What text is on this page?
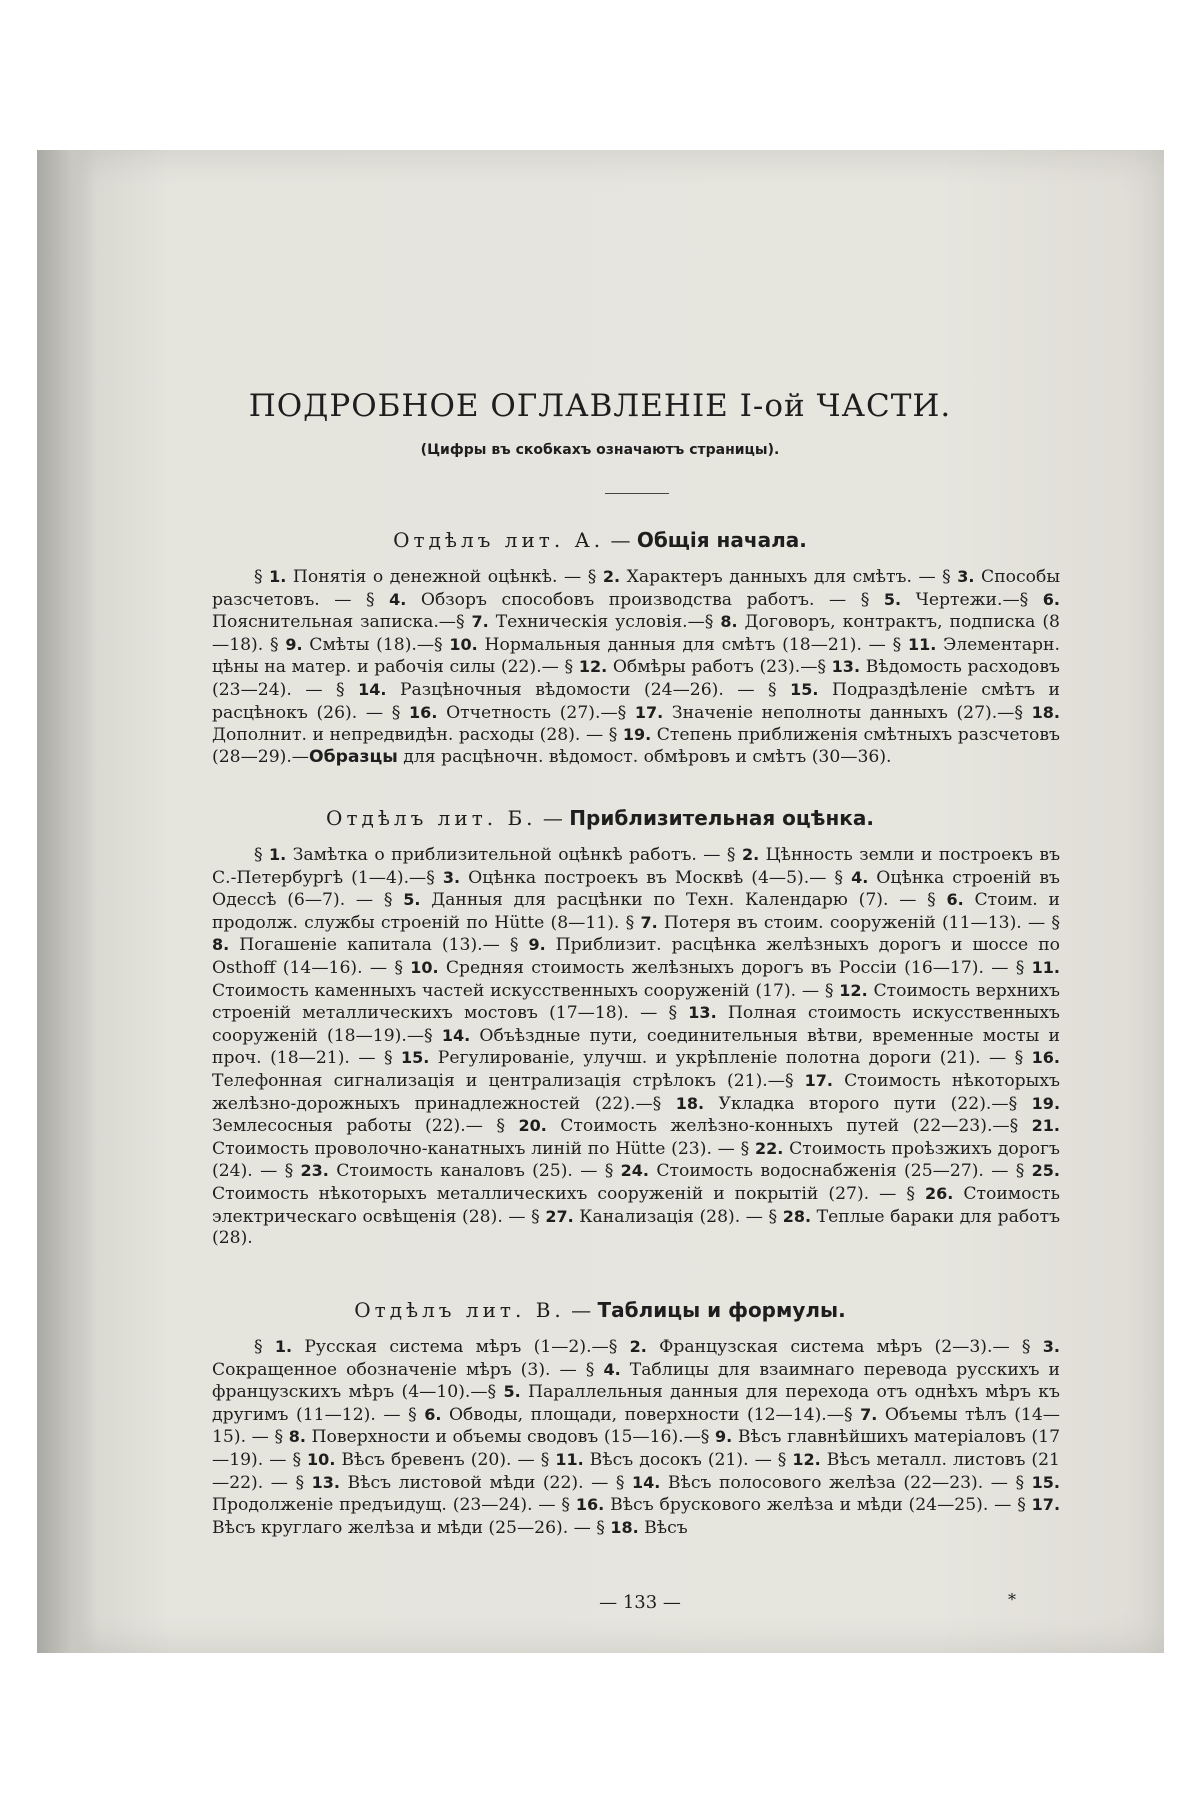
ПОДРОБНОЕ ОГЛАВЛЕНІЕ I-ой ЧАСТИ.
(Цифры въ скобкахъ означаютъ страницы).
Отдѣлъ лит. А. — Общія начала.

§ 1. Понятія о денежной оцѣнкѣ. — § 2. Характеръ данныхъ для смѣтъ. — § 3. Способы разсчетовъ. — § 4. Обзоръ способовъ производства работъ. — § 5. Чертежи.—§ 6. Пояснительная записка.—§ 7. Техническія условія.—§ 8. Договоръ, контрактъ, подписка (8—18). § 9. Смѣты (18).—§ 10. Нормальныя данныя для смѣтъ (18—21). — § 11. Элементарн. цѣны на матер. и рабочія силы (22).— § 12. Обмѣры работъ (23).—§ 13. Вѣдомость расходовъ (23—24). — § 14. Разцѣночныя вѣдомости (24—26). — § 15. Подраздѣленіе смѣтъ и расцѣнокъ (26). — § 16. Отчетность (27).—§ 17. Значеніе неполноты данныхъ (27).—§ 18. Дополнит. и непредвидѣн. расходы (28). — § 19. Степень приближенія смѣтныхъ разсчетовъ (28—29).—Образцы для расцѣночн. вѣдомост. обмѣровъ и смѣтъ (30—36).

Отдѣлъ лит. Б. — Приблизительная оцѣнка.

§ 1. Замѣтка о приблизительной оцѣнкѣ работъ. — § 2. Цѣнность земли и построекъ въ С.-Петербургѣ (1—4).—§ 3. Оцѣнка построекъ въ Москвѣ (4—5).— § 4. Оцѣнка строеній въ Одессѣ (6—7). — § 5. Данныя для расцѣнки по Техн. Календарю (7). — § 6. Стоим. и продолж. службы строеній по Hütte (8—11). § 7. Потеря въ стоим. сооруженій (11—13). — § 8. Погашеніе капитала (13).— § 9. Приблизит. расцѣнка желѣзныхъ дорогъ и шоссе по Osthoff (14—16). — § 10. Средняя стоимость желѣзныхъ дорогъ въ Россіи (16—17). — § 11. Стоимость каменныхъ частей искусственныхъ сооруженій (17). — § 12. Стоимость верхнихъ строеній металлическихъ мостовъ (17—18). — § 13. Полная стоимость искусственныхъ сооруженій (18—19).—§ 14. Объѣздные пути, соединительныя вѣтви, временные мосты и проч. (18—21). — § 15. Регулированіе, улучш. и укрѣпленіе полотна дороги (21). — § 16. Телефонная сигнализація и централизація стрѣлокъ (21).—§ 17. Стоимость нѣкоторыхъ желѣзно-дорожныхъ принадлежностей (22).—§ 18. Укладка второго пути (22).—§ 19. Землесосныя работы (22).— § 20. Стоимость желѣзно-конныхъ путей (22—23).—§ 21. Стоимость проволочно-канатныхъ линій по Hütte (23). — § 22. Стоимость проѣзжихъ дорогъ (24). — § 23. Стоимость каналовъ (25). — § 24. Стоимость водоснабженія (25—27). — § 25. Стоимость нѣкоторыхъ металлическихъ сооруженій и покрытій (27). — § 26. Стоимость электрическаго освѣщенія (28). — § 27. Канализація (28). — § 28. Теплые бараки для работъ (28).

Отдѣлъ лит. В. — Таблицы и формулы.

§ 1. Русская система мѣръ (1—2).—§ 2. Французская система мѣръ (2—3).— § 3. Сокращенное обозначеніе мѣръ (3). — § 4. Таблицы для взаимнаго перевода русскихъ и французскихъ мѣръ (4—10).—§ 5. Параллельныя данныя для перехода отъ однѣхъ мѣръ къ другимъ (11—12). — § 6. Обводы, площади, поверхности (12—14).—§ 7. Объемы тѣлъ (14—15). — § 8. Поверхности и объемы сводовъ (15—16).—§ 9. Вѣсъ главнѣйшихъ матеріаловъ (17—19). — § 10. Вѣсъ бревенъ (20). — § 11. Вѣсъ досокъ (21). — § 12. Вѣсъ металл. листовъ (21—22). — § 13. Вѣсъ листовой мѣди (22). — § 14. Вѣсъ полосового желѣза (22—23). — § 15. Продолженіе предъидущ. (23—24). — § 16. Вѣсъ брускового желѣза и мѣди (24—25). — § 17. Вѣсъ круглаго желѣза и мѣди (25—26). — § 18. Вѣсъ

— 133 —	*
